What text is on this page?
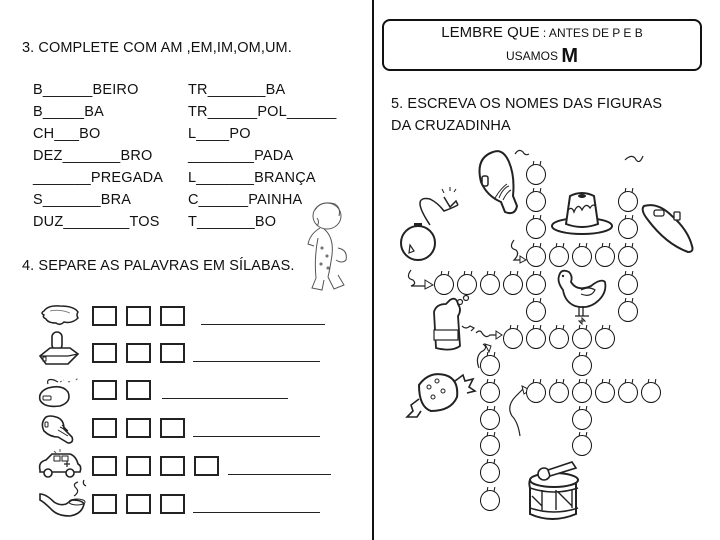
3. COMPLETE COM AM ,EM,IM,OM,UM.
B______BEIRO
B_____BA
CH___BO
DEZ_______BRO
_______PREGADA
S_______BRA
DUZ________TOS
TR_______BA
TR______POL______
L____PO
________PADA
L_______BRANÇA
C______PAINHA
T_______BO
4. SEPARE AS PALAVRAS EM SÍLABAS.
LEMBRE QUE : ANTES DE P E B
USAMOS M
5. ESCREVA OS NOMES DAS FIGURAS
DA CRUZADINHA
